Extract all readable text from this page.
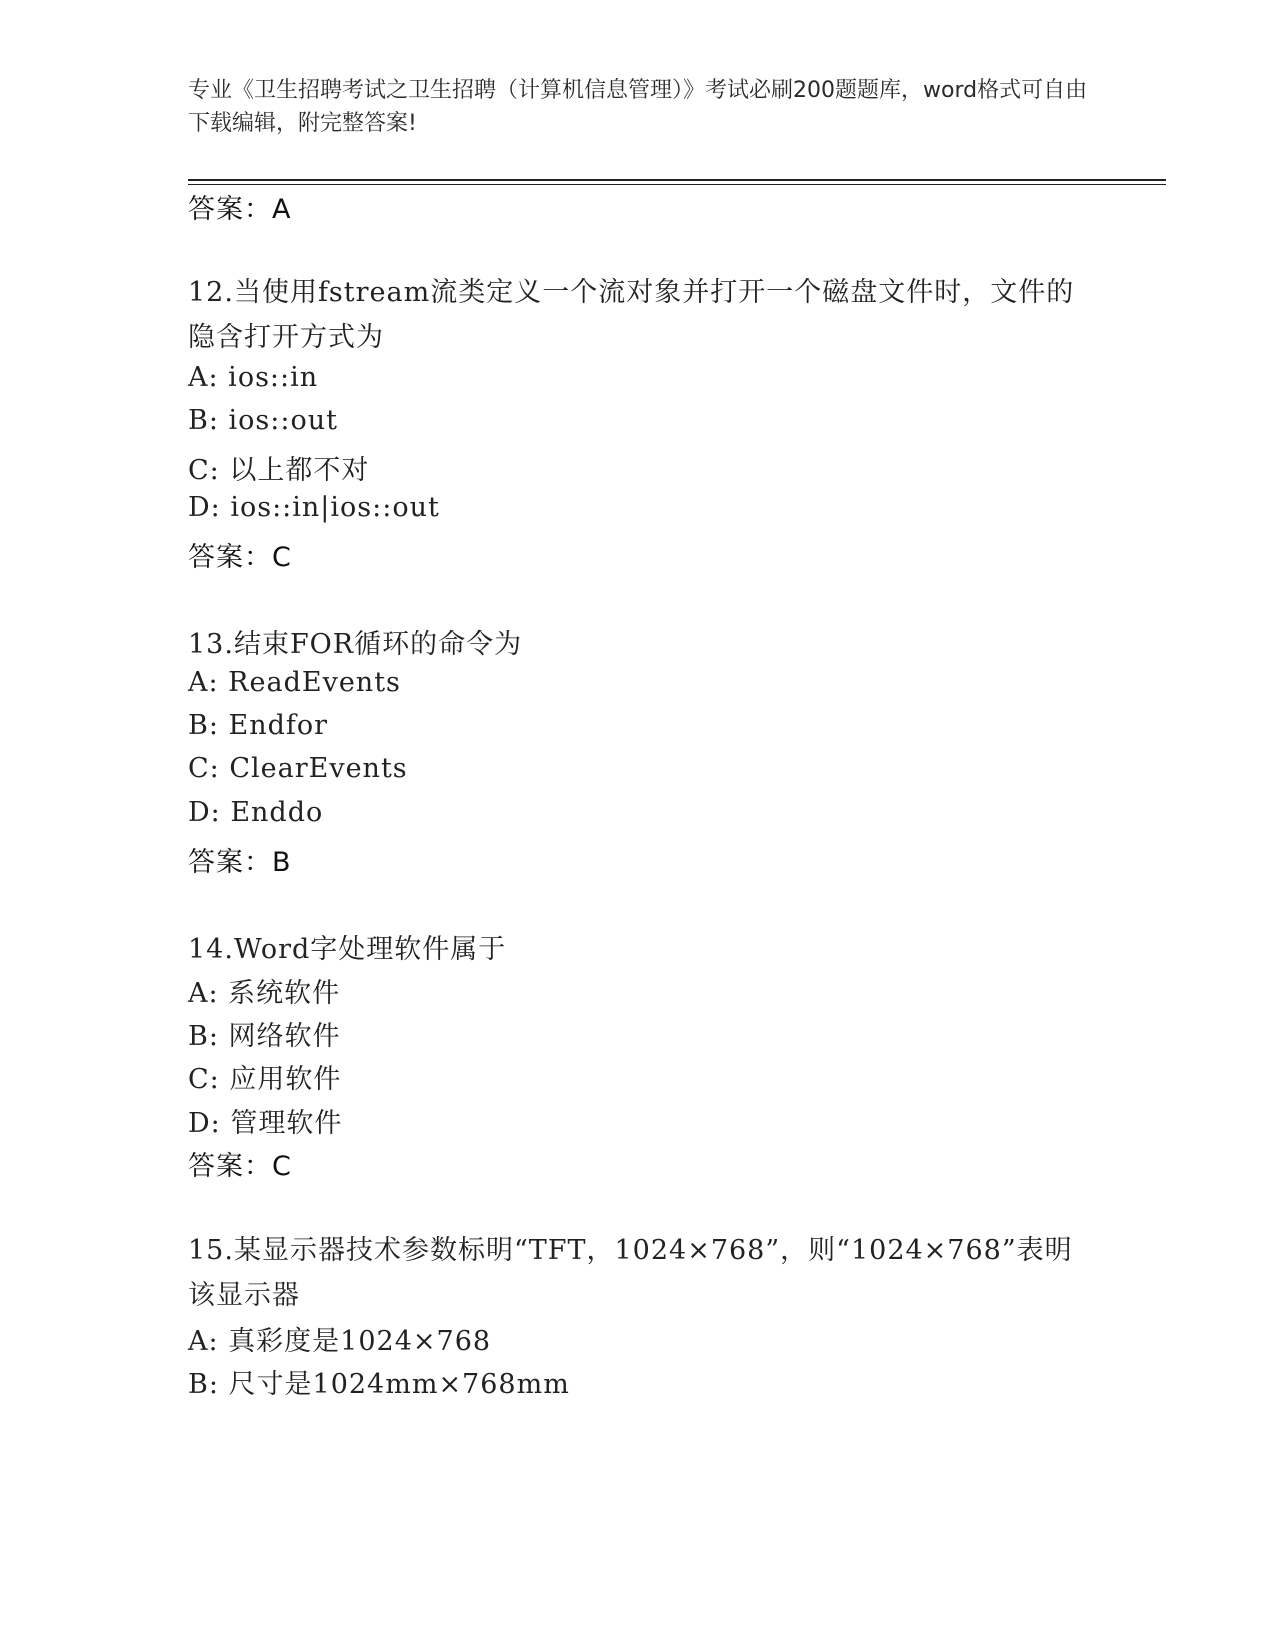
专业《卫生招聘考试之卫生招聘（计算机信息管理）》考试必刷200题题库，word格式可自由下载编辑，附完整答案!
答案：A
12.当使用fstream流类定义一个流对象并打开一个磁盘文件时，文件的隐含打开方式为
A: ios::in
B: ios::out
C: 以上都不对
D: ios::in|ios::out
答案：C
13.结束FOR循环的命令为
A: ReadEvents
B: Endfor
C: ClearEvents
D: Enddo
答案：B
14.Word字处理软件属于
A: 系统软件
B: 网络软件
C: 应用软件
D: 管理软件
答案：C
15.某显示器技术参数标明“TFT，1024×768”，则“1024×768”表明该显示器
A: 真彩度是1024×768
B: 尺寸是1024mm×768mm
